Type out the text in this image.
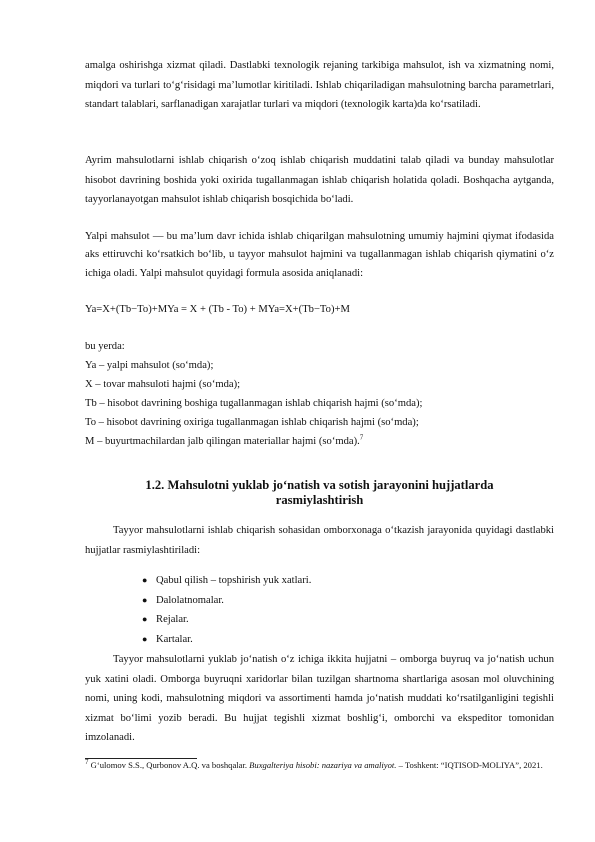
amalga oshirishga xizmat qiladi. Dastlabki texnologik rejaning tarkibiga mahsulot, ish va xizmatning nomi, miqdori va turlari toʻgʻrisidagi maʼlumotlar kiritiladi. Ishlab chiqariladigan mahsulotning barcha parametrlari, standart talablari, sarflanadigan xarajatlar turlari va miqdori (texnologik karta)da koʻrsatiladi.

Ayrim mahsulotlarni ishlab chiqarish oʻzoq ishlab chiqarish muddatini talab qiladi va bunday mahsulotlar hisobot davrining boshida yoki oxirida tugallanmagan ishlab chiqarish holatida qoladi. Boshqacha aytganda, tayyorlanayotgan mahsulot ishlab chiqarish bosqichida boʻladi.

Yalpi mahsulot — bu maʼlum davr ichida ishlab chiqarilgan mahsulotning umumiy hajmini qiymat ifodasida aks ettiruvchi koʻrsatkich boʻlib, u tayyor mahsulot hajmini va tugallanmagan ishlab chiqarish qiymatini oʻz ichiga oladi. Yalpi mahsulot quyidagi formula asosida aniqlanadi:

Ya=X+(Tb−To)+MYa = X + (Tb - To) + MYa=X+(Tb−To)+M

bu yerda:

Ya – yalpi mahsulot (soʻmda);

X – tovar mahsuloti hajmi (soʻmda);

Tb – hisobot davrining boshiga tugallanmagan ishlab chiqarish hajmi (soʻmda);

To – hisobot davrining oxiriga tugallanmagan ishlab chiqarish hajmi (soʻmda);

M – buyurtmachilardan jalb qilingan materiallar hajmi (soʻmda).$^7$

1.2. Mahsulotni yuklab joʻnatish va sotish jarayonini hujjatlarda
rasmiylashtirish

Tayyor mahsulotlarni ishlab chiqarish sohasidan omborxonaga oʻtkazish jarayonida quyidagi dastlabki hujjatlar rasmiylashtiriladi:

● Qabul qilish – topshirish yuk xatlari.
● Dalolatnomalar.
● Rejalar.
● Kartalar.

Tayyor mahsulotlarni yuklab joʻnatish oʻz ichiga ikkita hujjatni – omborga buyruq va joʻnatish uchun yuk xatini oladi. Omborga buyruqni xaridorlar bilan tuzilgan shartnoma shartlariga asosan mol oluvchining nomi, uning kodi, mahsulotning miqdori va assortimenti hamda joʻnatish muddati koʻrsatilganligini tegishli xizmat boʻlimi yozib beradi. Bu hujjat tegishli xizmat boshligʻi, omborchi va ekspeditor tomonidan imzolanadi.

$^7$ Gʻulomov S.S., Qurbonov A.Q. va boshqalar. Buxgalteriya hisobi: nazariya va amaliyot. – Toshkent: “IQTISOD-MOLIYA”, 2021.
